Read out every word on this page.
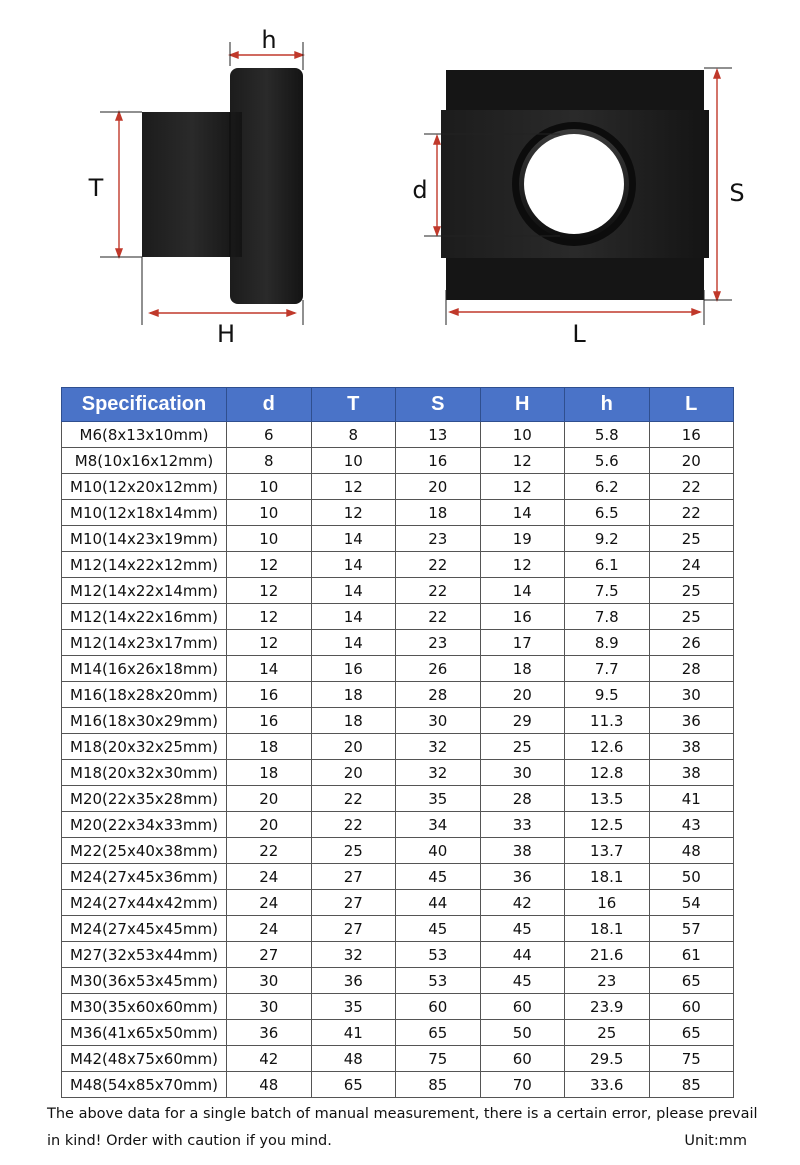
h
T
H
d	S
L
Specification	d	T	S	H	h	L
M6(8x13x10mm)	6	8	13	10	5.8	16
M8(10x16x12mm)	8	10	16	12	5.6	20
M10(12x20x12mm)	10	12	20	12	6.2	22
M10(12x18x14mm)	10	12	18	14	6.5	22
M10(14x23x19mm)	10	14	23	19	9.2	25
M12(14x22x12mm)	12	14	22	12	6.1	24
M12(14x22x14mm)	12	14	22	14	7.5	25
M12(14x22x16mm)	12	14	22	16	7.8	25
M12(14x23x17mm)	12	14	23	17	8.9	26
M14(16x26x18mm)	14	16	26	18	7.7	28
M16(18x28x20mm)	16	18	28	20	9.5	30
M16(18x30x29mm)	16	18	30	29	11.3	36
M18(20x32x25mm)	18	20	32	25	12.6	38
M18(20x32x30mm)	18	20	32	30	12.8	38
M20(22x35x28mm)	20	22	35	28	13.5	41
M20(22x34x33mm)	20	22	34	33	12.5	43
M22(25x40x38mm)	22	25	40	38	13.7	48
M24(27x45x36mm)	24	27	45	36	18.1	50
M24(27x44x42mm)	24	27	44	42	16	54
M24(27x45x45mm)	24	27	45	45	18.1	57
M27(32x53x44mm)	27	32	53	44	21.6	61
M30(36x53x45mm)	30	36	53	45	23	65
M30(35x60x60mm)	30	35	60	60	23.9	60
M36(41x65x50mm)	36	41	65	50	25	65
M42(48x75x60mm)	42	48	75	60	29.5	75
M48(54x85x70mm)	48	65	85	70	33.6	85
The above data for a single batch of manual measurement, there is a certain error, please prevail
in kind! Order with caution if you mind.	Unit:mm
